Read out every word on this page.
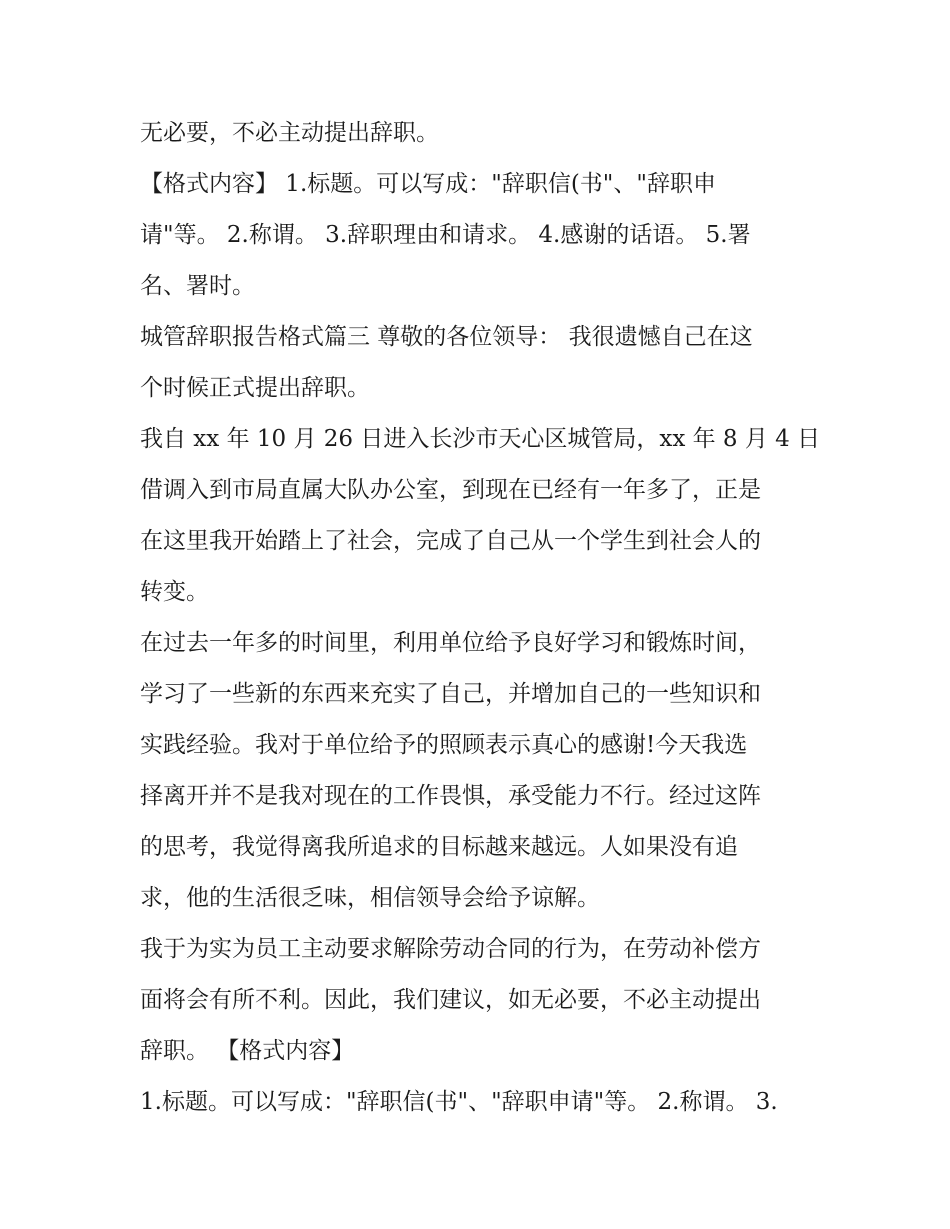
无必要，不必主动提出辞职。
【格式内容】 1.标题。可以写成："辞职信(书"、"辞职申
请"等。 2.称谓。 3.辞职理由和请求。 4.感谢的话语。 5.署
名、署时。
城管辞职报告格式篇三 尊敬的各位领导： 我很遗憾自己在这
个时候正式提出辞职。
我自 xx 年 10 月 26 日进入长沙市天心区城管局，xx 年 8 月 4 日
借调入到市局直属大队办公室，到现在已经有一年多了，正是
在这里我开始踏上了社会，完成了自己从一个学生到社会人的
转变。
在过去一年多的时间里，利用单位给予良好学习和锻炼时间，
学习了一些新的东西来充实了自己，并增加自己的一些知识和
实践经验。我对于单位给予的照顾表示真心的感谢!今天我选
择离开并不是我对现在的工作畏惧，承受能力不行。经过这阵
的思考，我觉得离我所追求的目标越来越远。人如果没有追
求，他的生活很乏味，相信领导会给予谅解。
我于为实为员工主动要求解除劳动合同的行为，在劳动补偿方
面将会有所不利。因此，我们建议，如无必要，不必主动提出
辞职。 【格式内容】
1.标题。可以写成："辞职信(书"、"辞职申请"等。 2.称谓。 3.
